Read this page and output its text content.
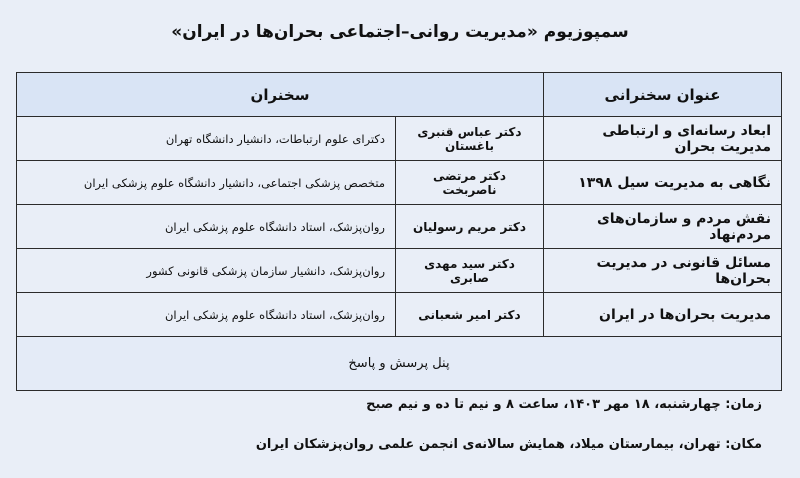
سمپوزیوم «مدیریت روانی–اجتماعی بحران‌ها در ایران»
عنوان سخنرانی	سخنران	
ابعاد رسانه‌ای و ارتباطی مدیریت بحران	دکتر عباس قنبری باغستان	دکترای علوم ارتباطات، دانشیار دانشگاه تهران
نگاهی به مدیریت سیل ۱۳۹۸	دکتر مرتضی ناصربخت	متخصص پزشکی اجتماعی، دانشیار دانشگاه علوم پزشکی ایران
نقش مردم و سازمان‌های مردم‌نهاد	دکتر مریم رسولیان	روان‌پزشک، استاد دانشگاه علوم پزشکی ایران
مسائل قانونی در مدیریت بحران‌ها	دکتر سید مهدی صابری	روان‌پزشک، دانشیار سازمان پزشکی قانونی کشور
مدیریت بحران‌ها در ایران	دکتر امیر شعبانی	روان‌پزشک، استاد دانشگاه علوم پزشکی ایران
پنل پرسش و پاسخ		
زمان: چهارشنبه، ۱۸ مهر ۱۴۰۳، ساعت ۸ و نیم تا ده و نیم صبح
مکان: تهران، بیمارستان میلاد، همایش سالانه‌ی انجمن علمی روان‌پزشکان ایران
